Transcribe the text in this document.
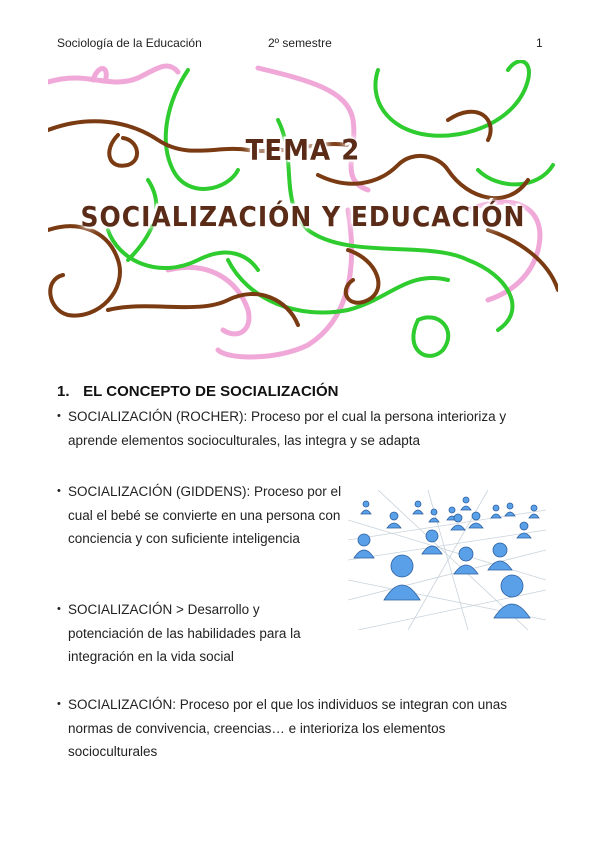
Sociología de la Educación	2º semestre	1
TEMA 2
SOCIALIZACIÓN Y EDUCACIÓN
1. EL CONCEPTO DE SOCIALIZACIÓN
• SOCIALIZACIÓN (ROCHER): Proceso por el cual la persona interioriza y aprende elementos socioculturales, las integra y se adapta
• SOCIALIZACIÓN (GIDDENS): Proceso por el cual el bebé se convierte en una persona con conciencia y con suficiente inteligencia
• SOCIALIZACIÓN > Desarrollo y potenciación de las habilidades para la integración en la vida social
• SOCIALIZACIÓN: Proceso por el que los individuos se integran con unas normas de convivencia, creencias… e interioriza los elementos socioculturales
